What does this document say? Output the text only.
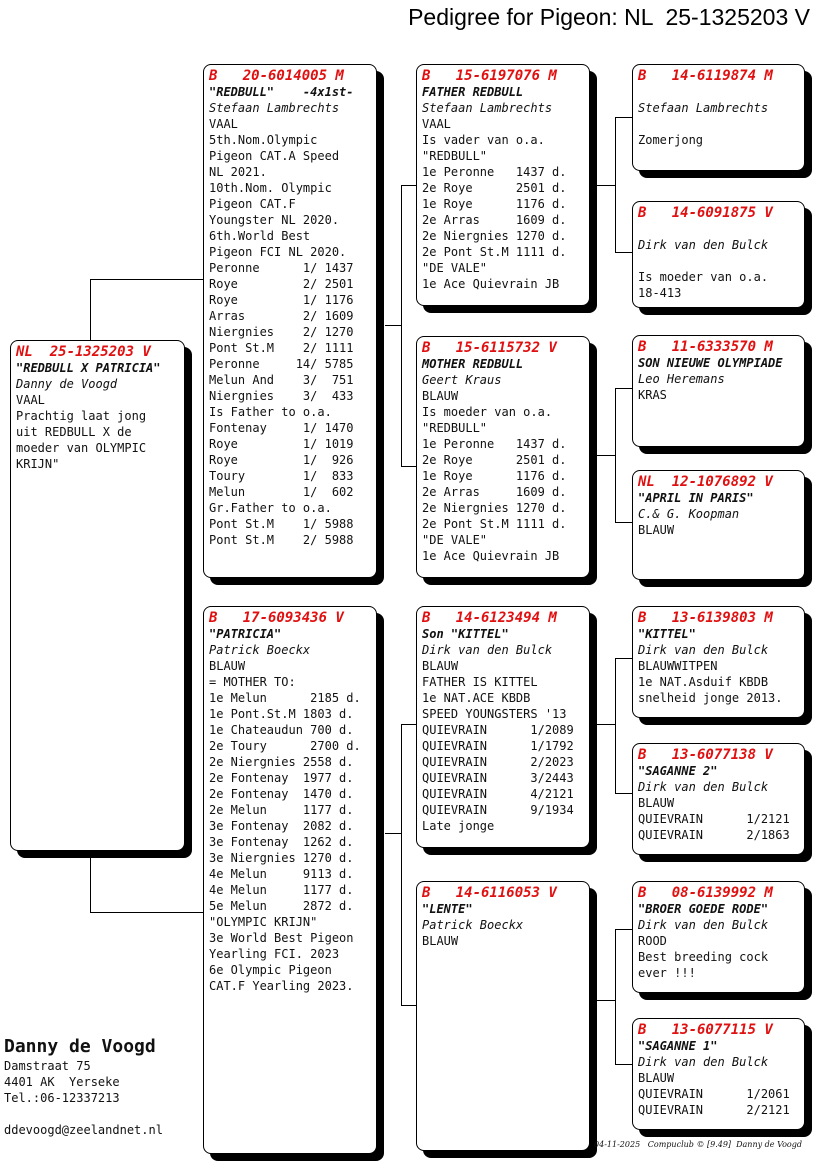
Pedigree for Pigeon: NL  25-1325203 V
NL  25-1325203 V
"REDBULL X PATRICIA"
Danny de Voogd
VAAL
Prachtig laat jong
uit REDBULL X de
moeder van OLYMPIC
KRIJN"
B   20-6014005 M
"REDBULL"    -4x1st-
Stefaan Lambrechts
VAAL
5th.Nom.Olympic
Pigeon CAT.A Speed
NL 2021.
10th.Nom. Olympic
Pigeon CAT.F
Youngster NL 2020.
6th.World Best
Pigeon FCI NL 2020.
Peronne      1/ 1437
Roye         2/ 2501
Roye         1/ 1176
Arras        2/ 1609
Niergnies    2/ 1270
Pont St.M    2/ 1111
Peronne     14/ 5785
Melun And    3/  751
Niergnies    3/  433
Is Father to o.a.
Fontenay     1/ 1470
Roye         1/ 1019
Roye         1/  926
Toury        1/  833
Melun        1/  602
Gr.Father to o.a.
Pont St.M    1/ 5988
Pont St.M    2/ 5988
B   17-6093436 V
"PATRICIA"
Patrick Boeckx
BLAUW
= MOTHER TO:
1e Melun      2185 d.
1e Pont.St.M 1803 d.
1e Chateaudun 700 d.
2e Toury      2700 d.
2e Niergnies 2558 d.
2e Fontenay  1977 d.
2e Fontenay  1470 d.
2e Melun     1177 d.
3e Fontenay  2082 d.
3e Fontenay  1262 d.
3e Niergnies 1270 d.
4e Melun     9113 d.
4e Melun     1177 d.
5e Melun     2872 d.
"OLYMPIC KRIJN"
3e World Best Pigeon
Yearling FCI. 2023
6e Olympic Pigeon
CAT.F Yearling 2023.
B   15-6197076 M
FATHER REDBULL
Stefaan Lambrechts
VAAL
Is vader van o.a.
"REDBULL"
1e Peronne   1437 d.
2e Roye      2501 d.
1e Roye      1176 d.
2e Arras     1609 d.
2e Niergnies 1270 d.
2e Pont St.M 1111 d.
"DE VALE"
1e Ace Quievrain JB
B   15-6115732 V
MOTHER REDBULL
Geert Kraus
BLAUW
Is moeder van o.a.
"REDBULL"
1e Peronne   1437 d.
2e Roye      2501 d.
1e Roye      1176 d.
2e Arras     1609 d.
2e Niergnies 1270 d.
2e Pont St.M 1111 d.
"DE VALE"
1e Ace Quievrain JB
B   14-6123494 M
Son "KITTEL"
Dirk van den Bulck
BLAUW
FATHER IS KITTEL
1e NAT.ACE KBDB
SPEED YOUNGSTERS '13
QUIEVRAIN      1/2089
QUIEVRAIN      1/1792
QUIEVRAIN      2/2023
QUIEVRAIN      3/2443
QUIEVRAIN      4/2121
QUIEVRAIN      9/1934
Late jonge
B   14-6116053 V
"LENTE"
Patrick Boeckx
BLAUW
B   14-6119874 M
Stefaan Lambrechts
Zomerjong
B   14-6091875 V
Dirk van den Bulck
Is moeder van o.a.
18-413
B   11-6333570 M
SON NIEUWE OLYMPIADE
Leo Heremans
KRAS
NL  12-1076892 V
"APRIL IN PARIS"
C.& G. Koopman
BLAUW
B   13-6139803 M
"KITTEL"
Dirk van den Bulck
BLAUWWITPEN
1e NAT.Asduif KBDB
snelheid jonge 2013.
B   13-6077138 V
"SAGANNE 2"
Dirk van den Bulck
BLAUW
QUIEVRAIN      1/2121
QUIEVRAIN      2/1863
B   08-6139992 M
"BROER GOEDE RODE"
Dirk van den Bulck
ROOD
Best breeding cock
ever !!!
B   13-6077115 V
"SAGANNE 1"
Dirk van den Bulck
BLAUW
QUIEVRAIN      1/2061
QUIEVRAIN      2/2121
Danny de Voogd
Damstraat 75
4401 AK  Yerseke
Tel.:06-12337213
ddevoogd@zeelandnet.nl
04-11-2025   Compuclub © [9.49]  Danny de Voogd
